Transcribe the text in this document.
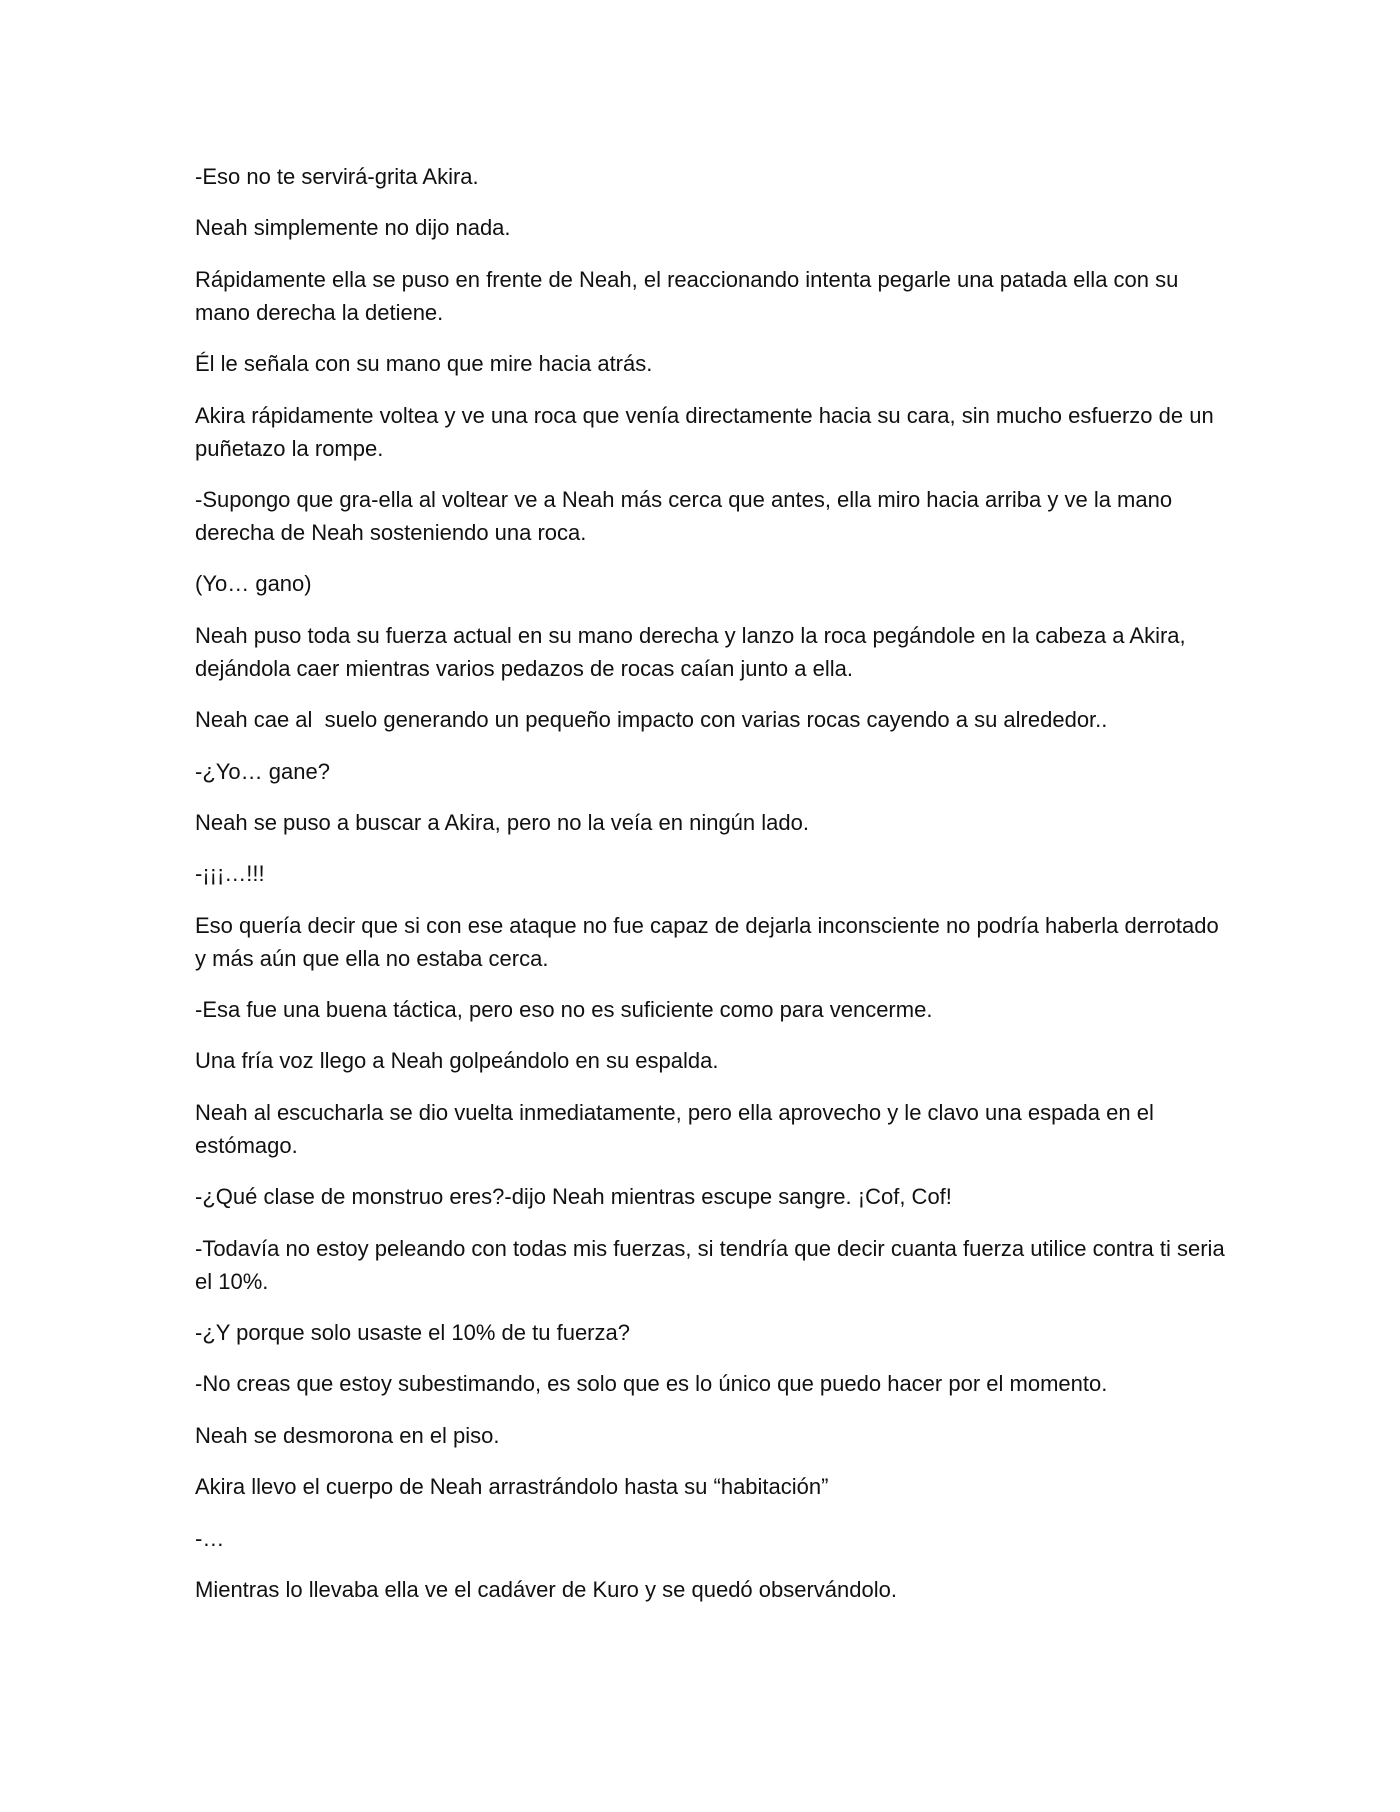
-Eso no te servirá-grita Akira.

Neah simplemente no dijo nada.

Rápidamente ella se puso en frente de Neah, el reaccionando intenta pegarle una patada ella con su mano derecha la detiene.

Él le señala con su mano que mire hacia atrás.

Akira rápidamente voltea y ve una roca que venía directamente hacia su cara, sin mucho esfuerzo de un puñetazo la rompe.

-Supongo que gra-ella al voltear ve a Neah más cerca que antes, ella miro hacia arriba y ve la mano derecha de Neah sosteniendo una roca.

(Yo… gano)

Neah puso toda su fuerza actual en su mano derecha y lanzo la roca pegándole en la cabeza a Akira, dejándola caer mientras varios pedazos de rocas caían junto a ella.

Neah cae al  suelo generando un pequeño impacto con varias rocas cayendo a su alrededor..

-¿Yo… gane?

Neah se puso a buscar a Akira, pero no la veía en ningún lado.

-¡¡¡…!!!

Eso quería decir que si con ese ataque no fue capaz de dejarla inconsciente no podría haberla derrotado y más aún que ella no estaba cerca.

-Esa fue una buena táctica, pero eso no es suficiente como para vencerme.

Una fría voz llego a Neah golpeándolo en su espalda.

Neah al escucharla se dio vuelta inmediatamente, pero ella aprovecho y le clavo una espada en el estómago.

-¿Qué clase de monstruo eres?-dijo Neah mientras escupe sangre. ¡Cof, Cof!

-Todavía no estoy peleando con todas mis fuerzas, si tendría que decir cuanta fuerza utilice contra ti seria el 10%.

-¿Y porque solo usaste el 10% de tu fuerza?

-No creas que estoy subestimando, es solo que es lo único que puedo hacer por el momento.

Neah se desmorona en el piso.

Akira llevo el cuerpo de Neah arrastrándolo hasta su “habitación”

-…

Mientras lo llevaba ella ve el cadáver de Kuro y se quedó observándolo.
